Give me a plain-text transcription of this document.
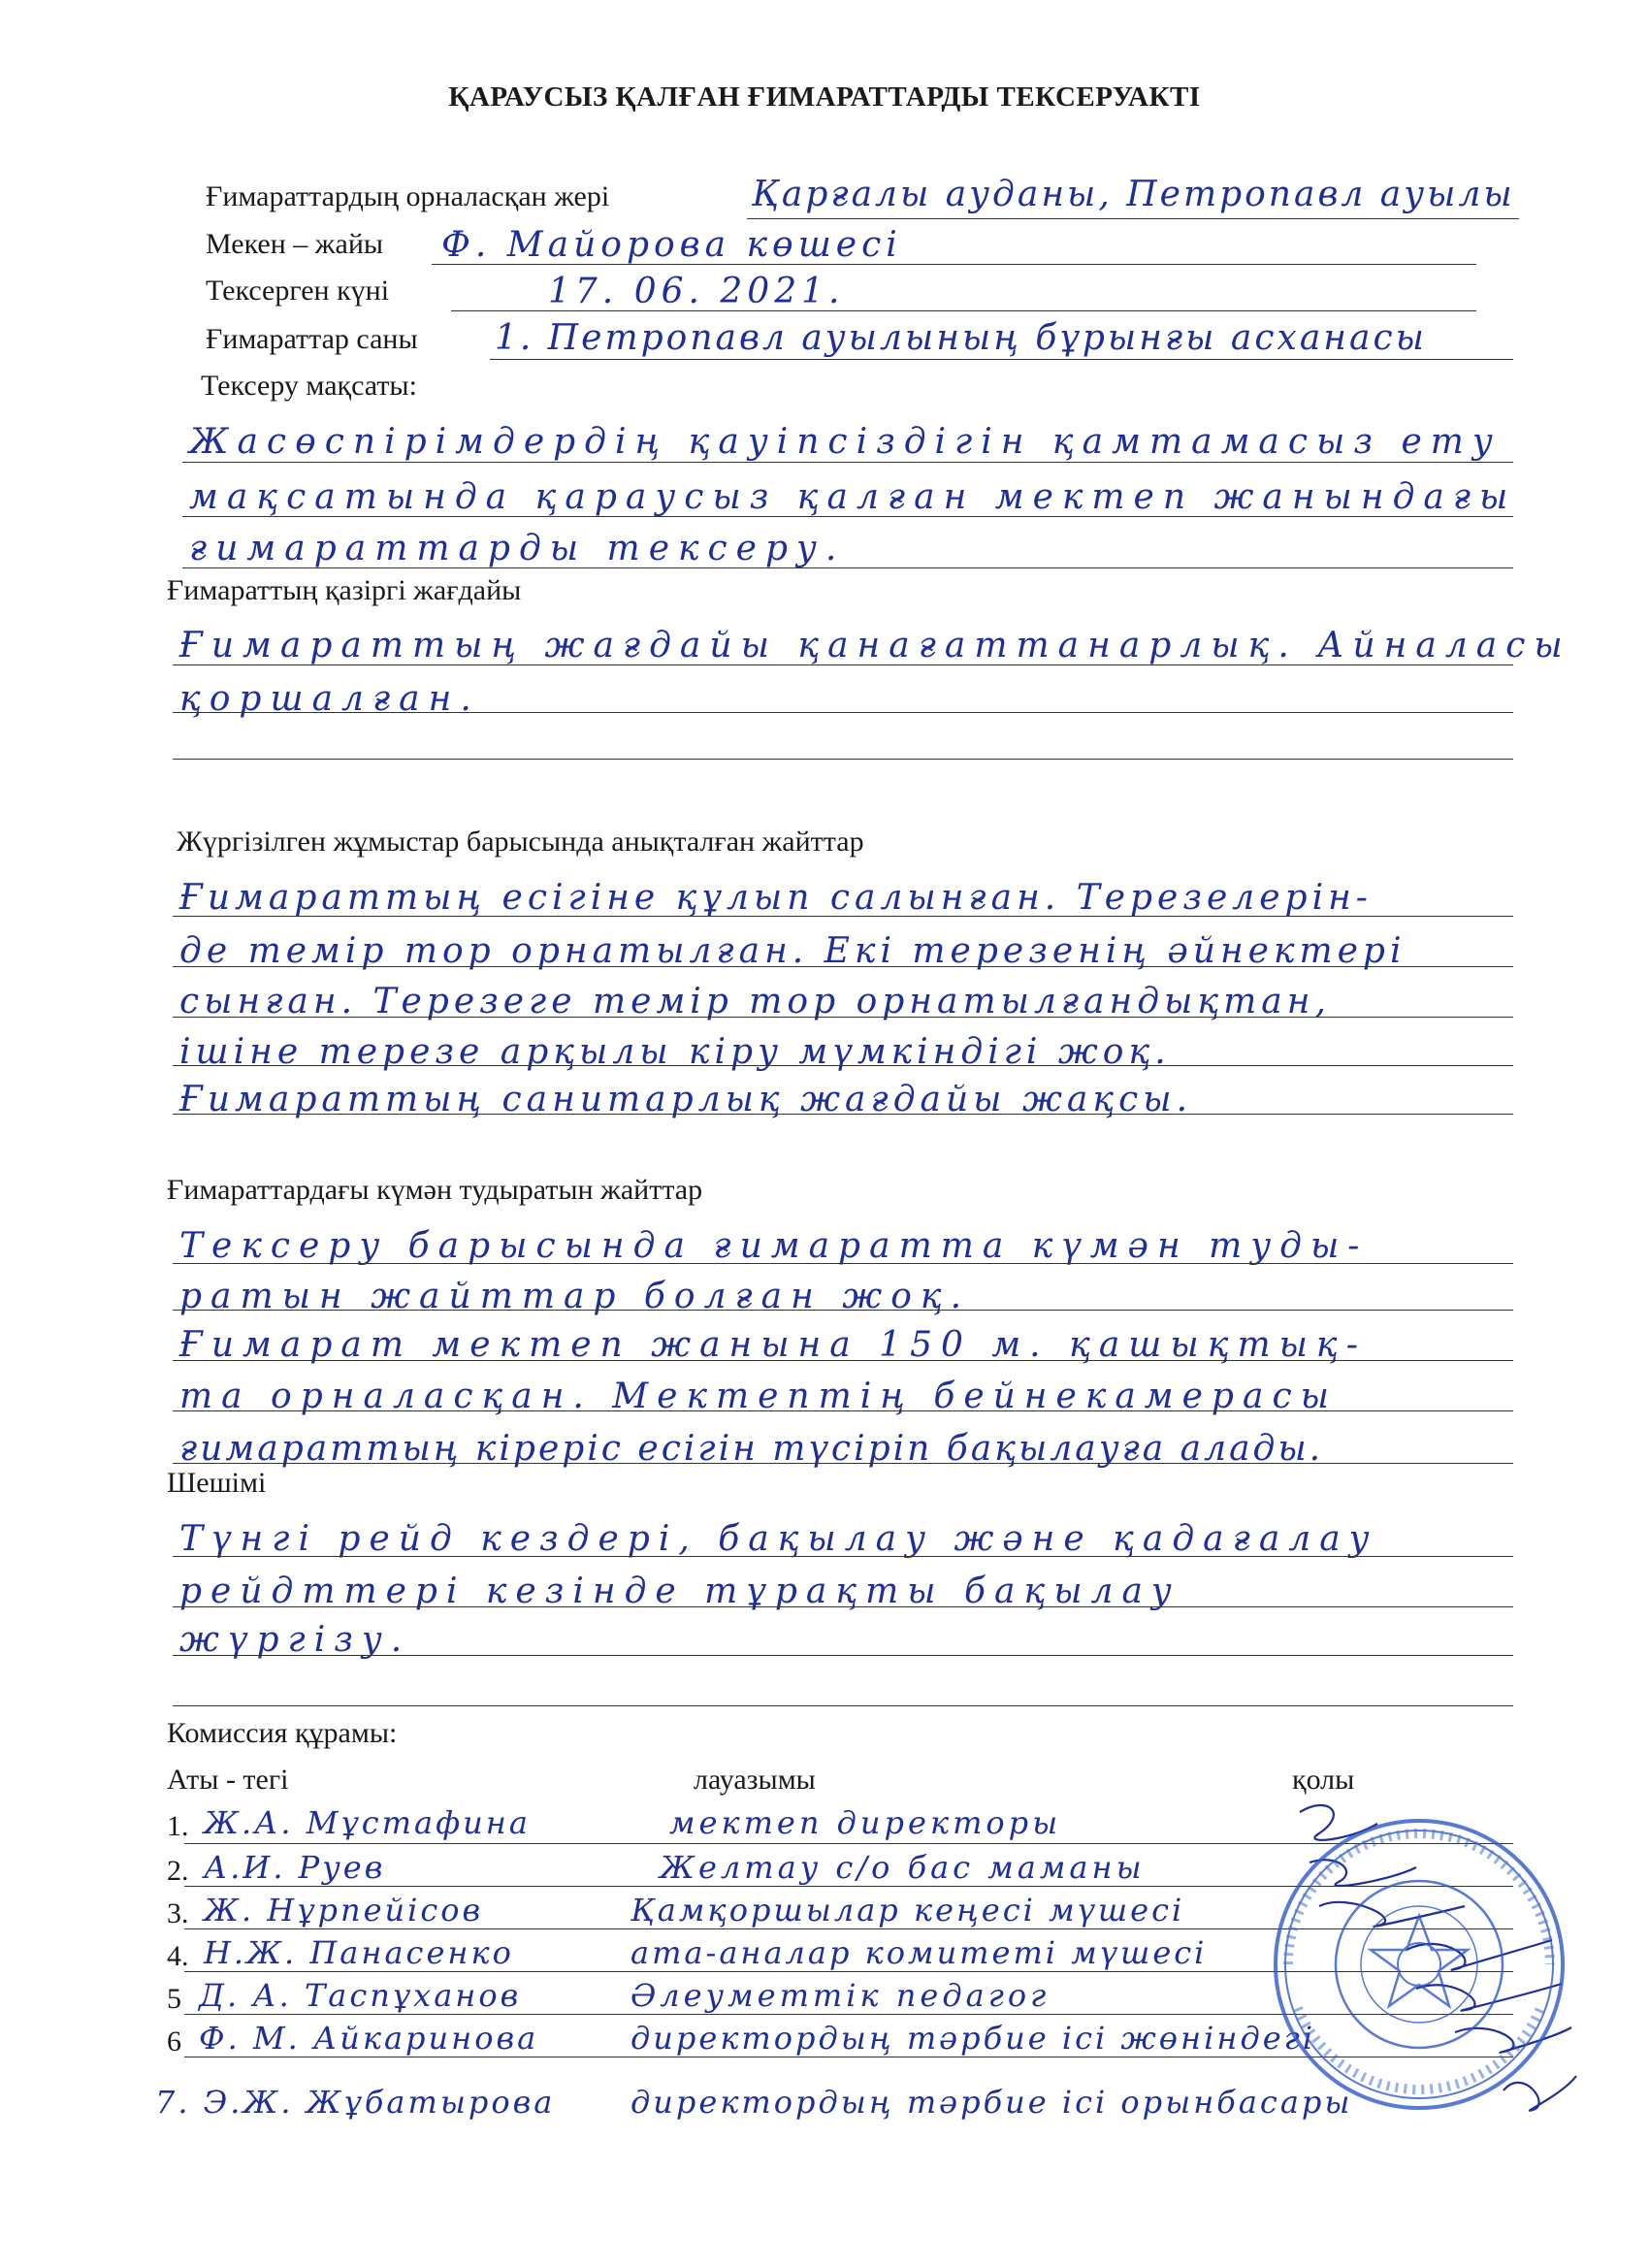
ҚАРАУСЫЗ ҚАЛҒАН ҒИМАРАТТАРДЫ ТЕКСЕРУАКТІ
Ғимараттардың орналасқан жері	Қарғалы ауданы, Петропавл ауылы
Мекен – жайы Ф. Майорова көшесі
Тексерген күні	17. 06. 2021.
Ғимараттар саны 1. Петропавл ауылының бұрынғы асханасы
Тексеру мақсаты:
Жасөспірімдердің қауіпсіздігін қамтамасыз ету
мақсатында қараусыз қалған мектеп жанындағы
ғимараттарды тексеру.
Ғимараттың қазіргі жағдайы
Ғимараттың жағдайы қанағаттанарлық. Айналасы
қоршалған.
Жүргізілген жұмыстар барысында анықталған жайттар
Ғимараттың есігіне құлып салынған. Терезелерін-
де темір тор орнатылған. Екі терезенің әйнектері
сынған. Терезеге темір тор орнатылғандықтан,
ішіне терезе арқылы кіру мүмкіндігі жоқ.
Ғимараттың санитарлық жағдайы жақсы.
Ғимараттардағы күмән тудыратын жайттар
Тексеру барысында ғимаратта күмән туды-
ратын жайттар болған жоқ.
Ғимарат мектеп жанына 150 м. қашықтық-
та орналасқан. Мектептің бейнекамерасы
ғимараттың кіреріс есігін түсіріп бақылауға алады.
Шешімі
Түнгі рейд кездері, бақылау және қадағалау
рейдттері кезінде тұрақты бақылау
жүргізу.
Комиссия құрамы:
Аты - тегі	лауазымы	қолы
1. Ж.А. Мұстафина	мектеп директоры
2. А.И. Руев	Желтау с/о бас маманы
3. Ж. Нұрпейісов	Қамқоршылар кеңесі мүшесі
4. Н.Ж. Панасенко	ата-аналар комитеті мүшесі
5 Д. А. Таспұханов	Әлеуметтік педагог
6 Ф. М. Айкаринова	директордың тәрбие ісі жөніндегі
7. Э.Ж. Жұбатырова директордың тәрбие ісі орынбасары
